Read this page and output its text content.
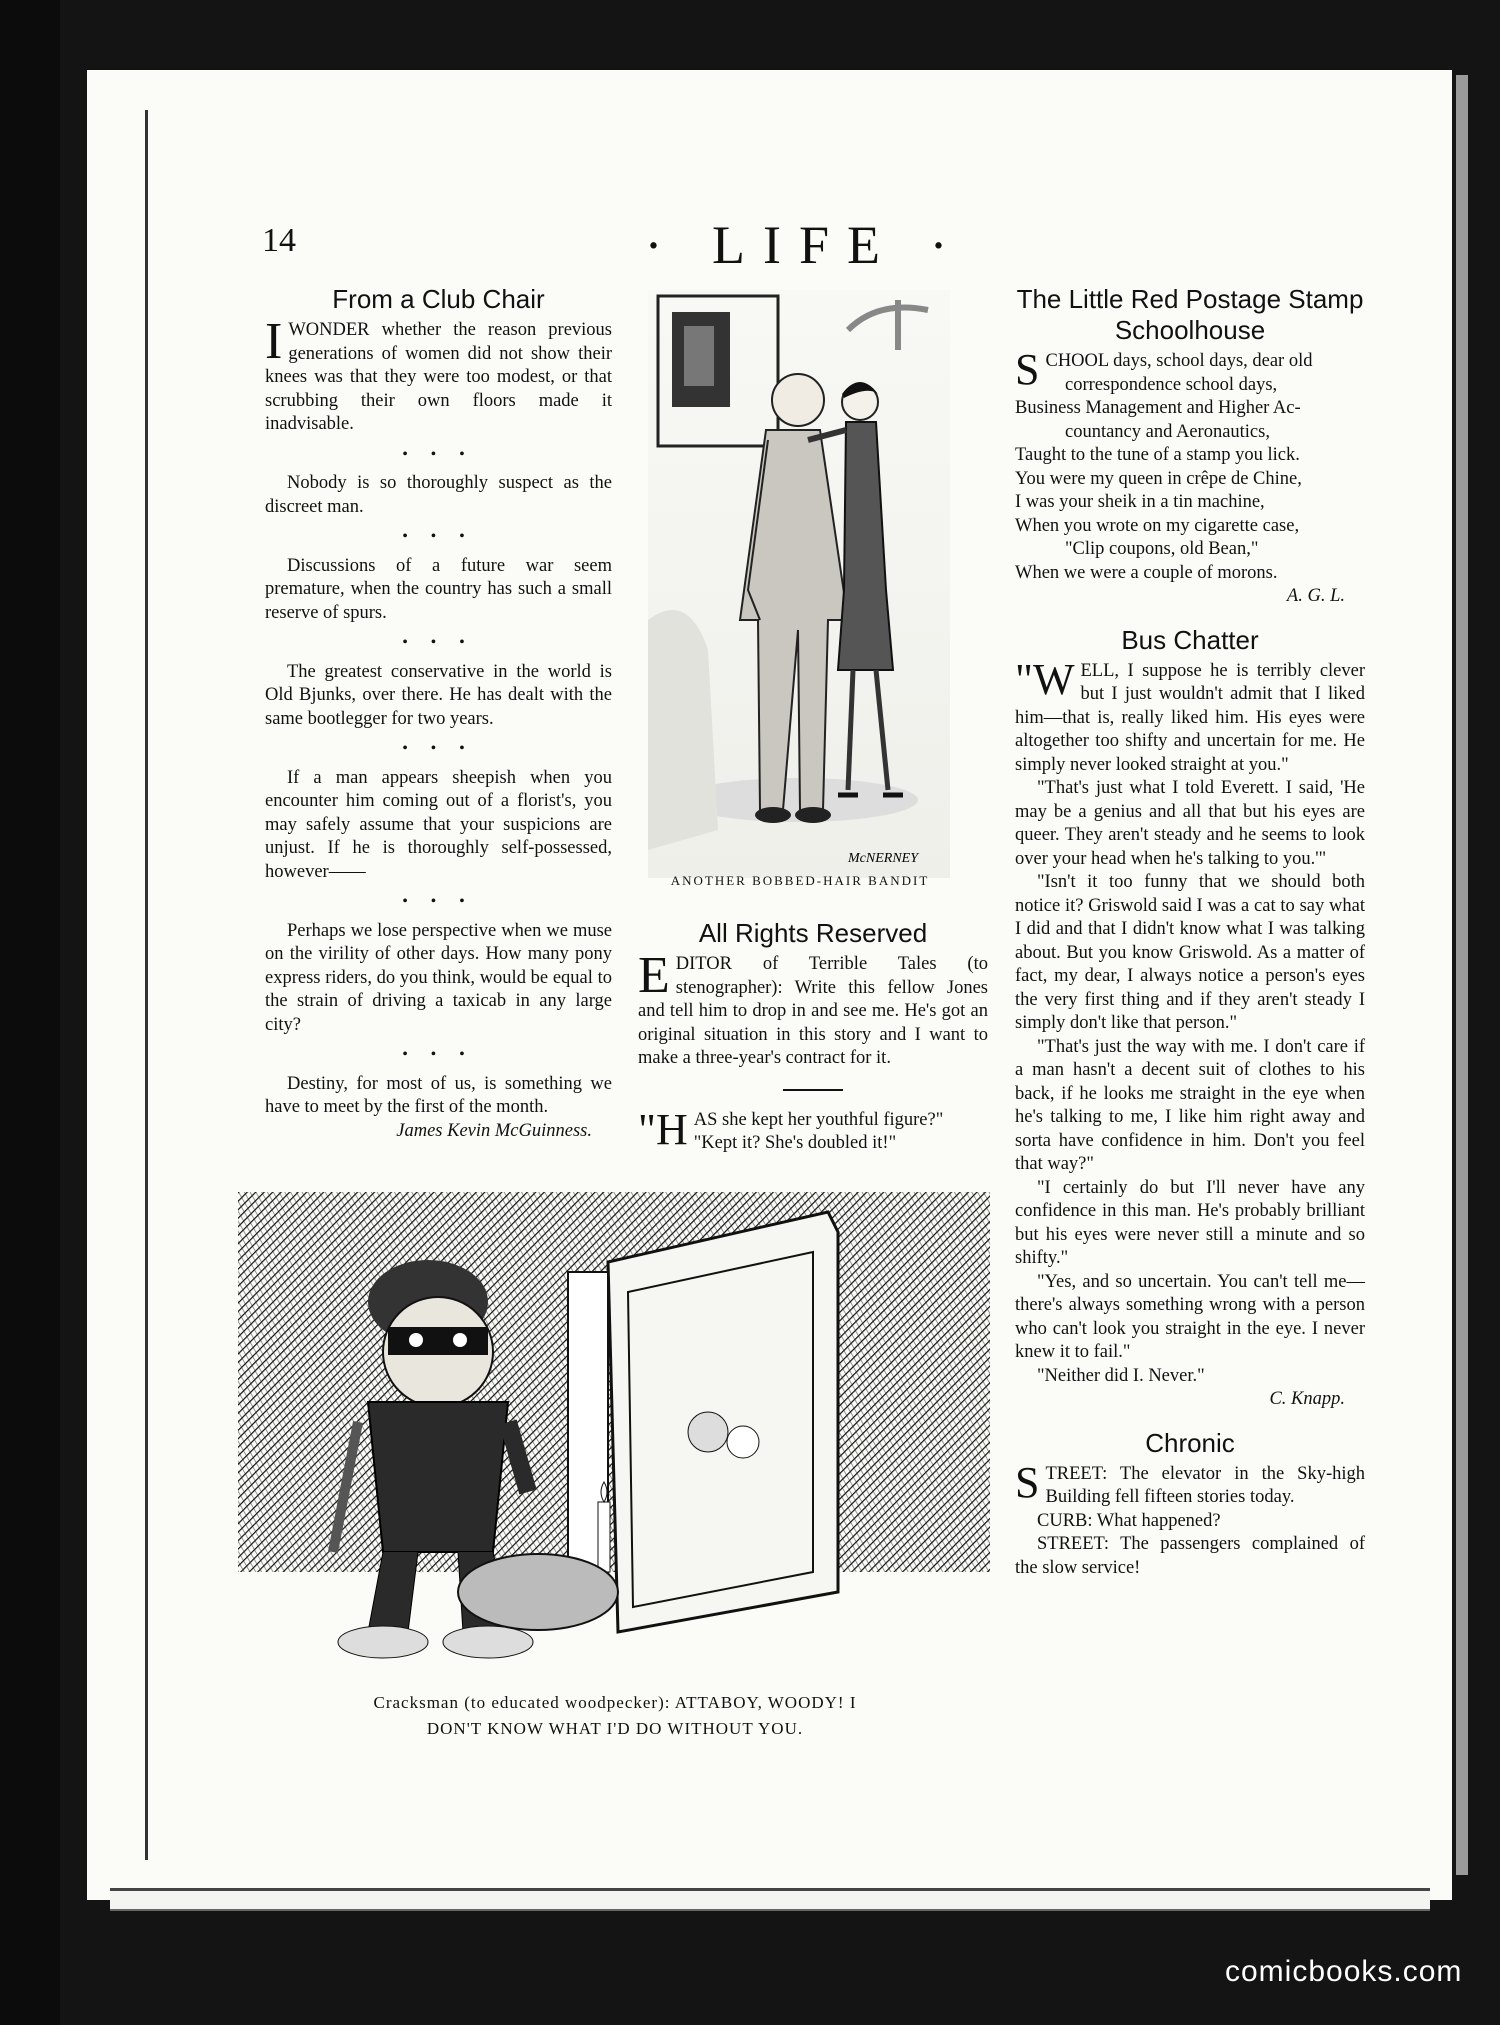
14	· LIFE ·
From a Club Chair

IWONDER whether the reason previous generations of women did not show their knees was that they were too modest, or that scrubbing their own floors made it inadvisable.

• • •

Nobody is so thoroughly suspect as the discreet man.

• • •

Discussions of a future war seem premature, when the country has such a small reserve of spurs.

• • •

The greatest conservative in the world is Old Bjunks, over there. He has dealt with the same bootlegger for two years.

• • •

If a man appears sheepish when you encounter him coming out of a florist's, you may safely assume that your suspicions are unjust. If he is thoroughly self-possessed, however——

• • •

Perhaps we lose perspective when we muse on the virility of other days. How many pony express riders, do you think, would be equal to the strain of driving a taxicab in any large city?

• • •

Destiny, for most of us, is something we have to meet by the first of the month.

James Kevin McGuinness.

McNERNEY
ANOTHER BOBBED-HAIR BANDIT
All Rights Reserved

EDITOR of Terrible Tales (to stenographer): Write this fellow Jones and tell him to drop in and see me. He's got an original situation in this story and I want to make a three-year's contract for it.

"HAS she kept her youthful figure?"
"Kept it? She's doubled it!"

Cracksman (to educated woodpecker): ATTABOY, WOODY! I
DON'T KNOW WHAT I'D DO WITHOUT YOU.
The Little Red Postage Stamp Schoolhouse

SCHOOL days, school days, dear old

correspondence school days,

Business Management and Higher Ac-

countancy and Aeronautics,

Taught to the tune of a stamp you lick.

You were my queen in crêpe de Chine,

I was your sheik in a tin machine,

When you wrote on my cigarette case,

"Clip coupons, old Bean,"

When we were a couple of morons.

A. G. L.

Bus Chatter

"WELL, I suppose he is terribly clever but I just wouldn't admit that I liked him—that is, really liked him. His eyes were altogether too shifty and uncertain for me. He simply never looked straight at you."

"That's just what I told Everett. I said, 'He may be a genius and all that but his eyes are queer. They aren't steady and he seems to look over your head when he's talking to you.'"

"Isn't it too funny that we should both notice it? Griswold said I was a cat to say what I did and that I didn't know what I was talking about. But you know Griswold. As a matter of fact, my dear, I always notice a person's eyes the very first thing and if they aren't steady I simply don't like that person."

"That's just the way with me. I don't care if a man hasn't a decent suit of clothes to his back, if he looks me straight in the eye when he's talking to me, I like him right away and sorta have confidence in him. Don't you feel that way?"

"I certainly do but I'll never have any confidence in this man. He's probably brilliant but his eyes were never still a minute and so shifty."

"Yes, and so uncertain. You can't tell me—there's always something wrong with a person who can't look you straight in the eye. I never knew it to fail."

"Neither did I. Never."

C. Knapp.

Chronic

STREET: The elevator in the Sky-high Building fell fifteen stories today.

CURB: What happened?

STREET: The passengers complained of the slow service!

comicbooks.com
